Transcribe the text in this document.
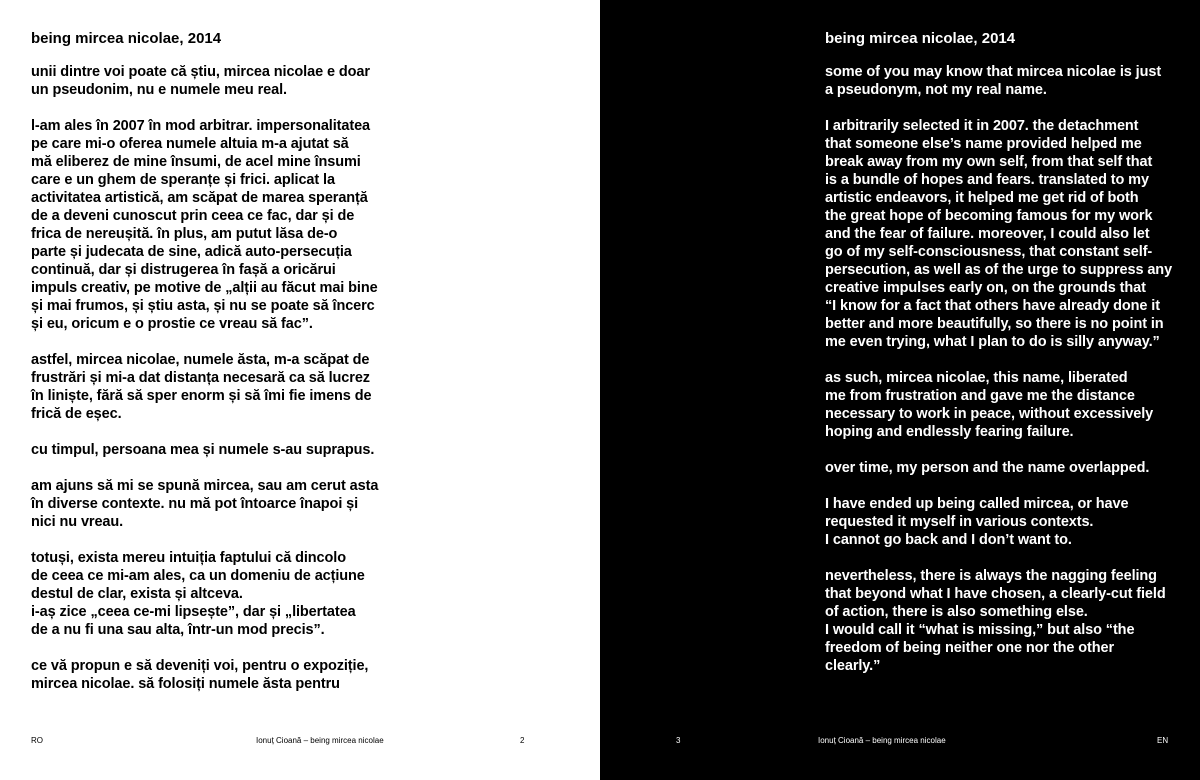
being mircea nicolae, 2014

unii dintre voi poate că știu, mircea nicolae e doar
un pseudonim, nu e numele meu real.

l-am ales în 2007 în mod arbitrar. impersonalitatea
pe care mi-o oferea numele altuia m-a ajutat să
mă eliberez de mine însumi, de acel mine însumi
care e un ghem de speranțe și frici. aplicat la
activitatea artistică, am scăpat de marea speranță
de a deveni cunoscut prin ceea ce fac, dar și de
frica de nereușită. în plus, am putut lăsa de-o
parte și judecata de sine, adică auto-persecuția
continuă, dar și distrugerea în fașă a oricărui
impuls creativ, pe motive de „alții au făcut mai bine
și mai frumos, și știu asta, și nu se poate să încerc
și eu, oricum e o prostie ce vreau să fac”.

astfel, mircea nicolae, numele ăsta, m-a scăpat de
frustrări și mi-a dat distanța necesară ca să lucrez
în liniște, fără să sper enorm și să îmi fie imens de
frică de eșec.

cu timpul, persoana mea și numele s-au suprapus.

am ajuns să mi se spună mircea, sau am cerut asta
în diverse contexte. nu mă pot întoarce înapoi și
nici nu vreau.

totuși, exista mereu intuiția faptului că dincolo
de ceea ce mi-am ales, ca un domeniu de acțiune
destul de clar, exista și altceva.
i-aș zice „ceea ce-mi lipsește”, dar și „libertatea
de a nu fi una sau alta, într-un mod precis”.

ce vă propun e să deveniți voi, pentru o expoziție,
mircea nicolae. să folosiți numele ăsta pentru

RO	Ionuț Cioană – being mircea nicolae	2
being mircea nicolae, 2014

some of you may know that mircea nicolae is just
a pseudonym, not my real name.

I arbitrarily selected it in 2007. the detachment
that someone else’s name provided helped me
break away from my own self, from that self that
is a bundle of hopes and fears. translated to my
artistic endeavors, it helped me get rid of both
the great hope of becoming famous for my work
and the fear of failure. moreover, I could also let
go of my self-consciousness, that constant self-
persecution, as well as of the urge to suppress any
creative impulses early on, on the grounds that
“I know for a fact that others have already done it
better and more beautifully, so there is no point in
me even trying, what I plan to do is silly anyway.”

as such, mircea nicolae, this name, liberated
me from frustration and gave me the distance
necessary to work in peace, without excessively
hoping and endlessly fearing failure.

over time, my person and the name overlapped.

I have ended up being called mircea, or have
requested it myself in various contexts.
I cannot go back and I don’t want to.

nevertheless, there is always the nagging feeling
that beyond what I have chosen, a clearly-cut field
of action, there is also something else.
I would call it “what is missing,” but also “the
freedom of being neither one nor the other
clearly.”

3	Ionuț Cioană – being mircea nicolae	EN
